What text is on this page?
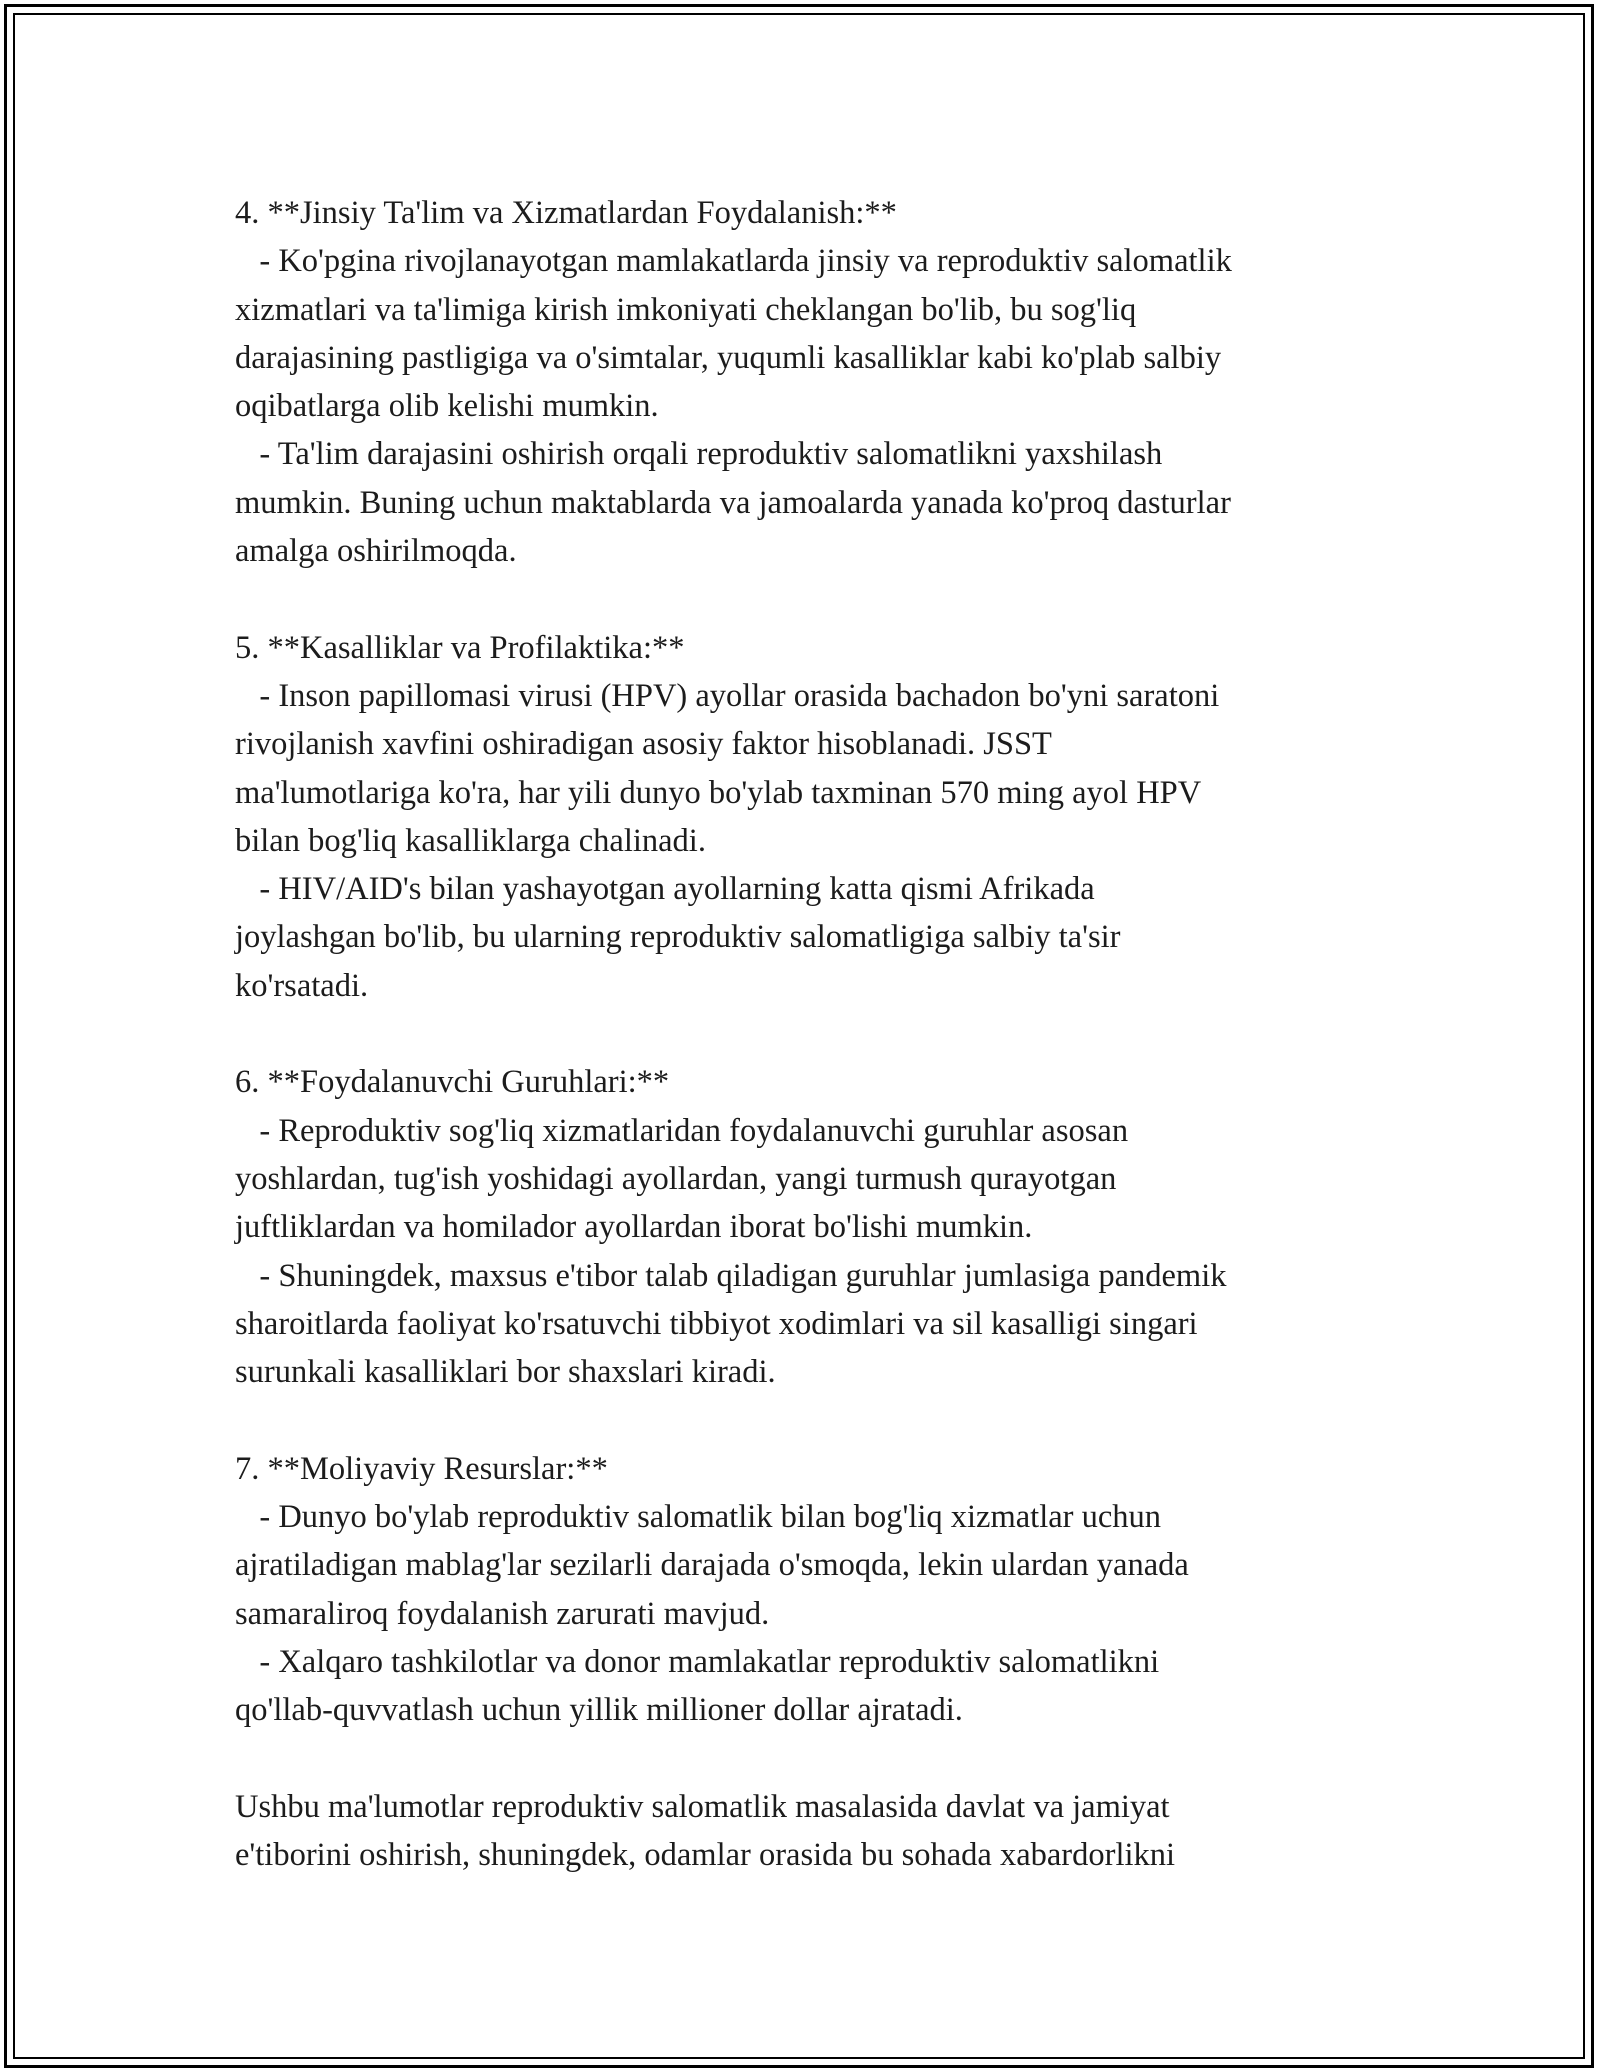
4. **Jinsiy Ta'lim va Xizmatlardan Foydalanish:**
- Ko'pgina rivojlanayotgan mamlakatlarda jinsiy va reproduktiv salomatlik
xizmatlari va ta'limiga kirish imkoniyati cheklangan bo'lib, bu sog'liq
darajasining pastligiga va o'simtalar, yuqumli kasalliklar kabi ko'plab salbiy
oqibatlarga olib kelishi mumkin.
- Ta'lim darajasini oshirish orqali reproduktiv salomatlikni yaxshilash
mumkin. Buning uchun maktablarda va jamoalarda yanada ko'proq dasturlar
amalga oshirilmoqda.
5. **Kasalliklar va Profilaktika:**
- Inson papillomasi virusi (HPV) ayollar orasida bachadon bo'yni saratoni
rivojlanish xavfini oshiradigan asosiy faktor hisoblanadi. JSST
ma'lumotlariga ko'ra, har yili dunyo bo'ylab taxminan 570 ming ayol HPV
bilan bog'liq kasalliklarga chalinadi.
- HIV/AID's bilan yashayotgan ayollarning katta qismi Afrikada
joylashgan bo'lib, bu ularning reproduktiv salomatligiga salbiy ta'sir
ko'rsatadi.
6. **Foydalanuvchi Guruhlari:**
- Reproduktiv sog'liq xizmatlaridan foydalanuvchi guruhlar asosan
yoshlardan, tug'ish yoshidagi ayollardan, yangi turmush qurayotgan
juftliklardan va homilador ayollardan iborat bo'lishi mumkin.
- Shuningdek, maxsus e'tibor talab qiladigan guruhlar jumlasiga pandemik
sharoitlarda faoliyat ko'rsatuvchi tibbiyot xodimlari va sil kasalligi singari
surunkali kasalliklari bor shaxslari kiradi.
7. **Moliyaviy Resurslar:**
- Dunyo bo'ylab reproduktiv salomatlik bilan bog'liq xizmatlar uchun
ajratiladigan mablag'lar sezilarli darajada o'smoqda, lekin ulardan yanada
samaraliroq foydalanish zarurati mavjud.
- Xalqaro tashkilotlar va donor mamlakatlar reproduktiv salomatlikni
qo'llab-quvvatlash uchun yillik millioner dollar ajratadi.
Ushbu ma'lumotlar reproduktiv salomatlik masalasida davlat va jamiyat
e'tiborini oshirish, shuningdek, odamlar orasida bu sohada xabardorlikni
